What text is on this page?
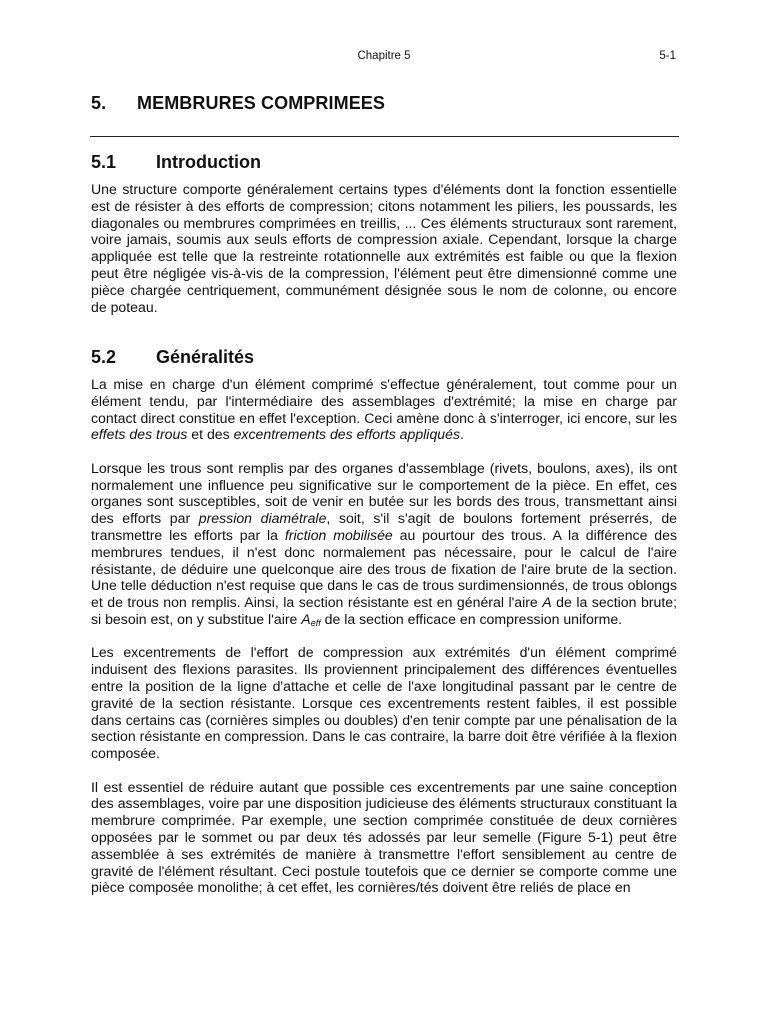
Chapitre 5	5-1
5. MEMBRURES COMPRIMEES
5.1 Introduction

Une structure comporte généralement certains types d'éléments dont la fonction essentielle est de résister à des efforts de compression; citons notamment les piliers, les poussards, les diagonales ou membrures comprimées en treillis, ... Ces éléments structuraux sont rarement, voire jamais, soumis aux seuls efforts de compression axiale. Cependant, lorsque la charge appliquée est telle que la restreinte rotationnelle aux extrémités est faible ou que la flexion peut être négligée vis-à-vis de la compression, l'élément peut être dimensionné comme une pièce chargée centriquement, communément désignée sous le nom de colonne, ou encore de poteau.

5.2 Généralités

La mise en charge d'un élément comprimé s'effectue généralement, tout comme pour un élément tendu, par l'intermédiaire des assemblages d'extrémité; la mise en charge par contact direct constitue en effet l'exception. Ceci amène donc à s'interroger, ici encore, sur les effets des trous et des excentrements des efforts appliqués.

Lorsque les trous sont remplis par des organes d'assemblage (rivets, boulons, axes), ils ont normalement une influence peu significative sur le comportement de la pièce. En effet, ces organes sont susceptibles, soit de venir en butée sur les bords des trous, transmettant ainsi des efforts par pression diamétrale, soit, s'il s'agit de boulons fortement préserrés, de transmettre les efforts par la friction mobilisée au pourtour des trous. A la différence des membrures tendues, il n'est donc normalement pas nécessaire, pour le calcul de l'aire résistante, de déduire une quelconque aire des trous de fixation de l'aire brute de la section. Une telle déduction n'est requise que dans le cas de trous surdimensionnés, de trous oblongs et de trous non remplis. Ainsi, la section résistante est en général l'aire A de la section brute; si besoin est, on y substitue l'aire $A_{eff}$ de la section efficace en compression uniforme.

Les excentrements de l'effort de compression aux extrémités d'un élément comprimé induisent des flexions parasites. Ils proviennent principalement des différences éventuelles entre la position de la ligne d'attache et celle de l'axe longitudinal passant par le centre de gravité de la section résistante. Lorsque ces excentrements restent faibles, il est possible dans certains cas (cornières simples ou doubles) d'en tenir compte par une pénalisation de la section résistante en compression. Dans le cas contraire, la barre doit être vérifiée à la flexion composée.

Il est essentiel de réduire autant que possible ces excentrements par une saine conception des assemblages, voire par une disposition judicieuse des éléments structuraux constituant la membrure comprimée. Par exemple, une section comprimée constituée de deux cornières opposées par le sommet ou par deux tés adossés par leur semelle (Figure 5-1) peut être assemblée à ses extrémités de manière à transmettre l'effort sensiblement au centre de gravité de l'élément résultant. Ceci postule toutefois que ce dernier se comporte comme une pièce composée monolithe; à cet effet, les cornières/tés doivent être reliés de place en
